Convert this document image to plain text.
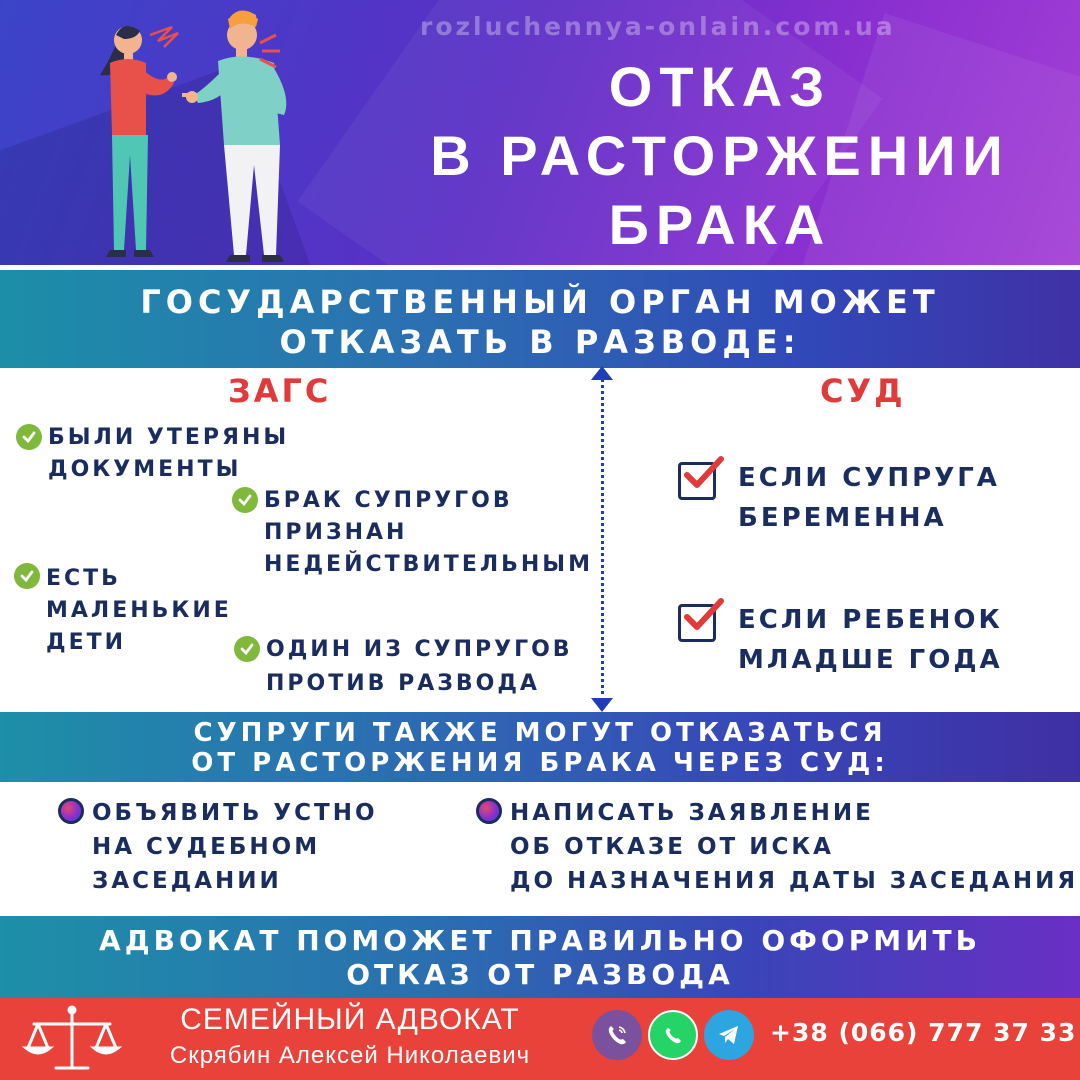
rozluchennya-onlain.com.ua
ОТКАЗ
В РАСТОРЖЕНИИ
БРАКА
ГОСУДАРСТВЕННЫЙ ОРГАН МОЖЕТ
ОТКАЗАТЬ В РАЗВОДЕ:
ЗАГС
БЫЛИ УТЕРЯНЫ
ДОКУМЕНТЫ
БРАК СУПРУГОВ
ПРИЗНАН
НЕДЕЙСТВИТЕЛЬНЫМ
ЕСТЬ
МАЛЕНЬКИЕ
ДЕТИ	ОДИН ИЗ СУПРУГОВ
ПРОТИВ РАЗВОДА
СУД
ЕСЛИ СУПРУГА
БЕРЕМЕННА
ЕСЛИ РЕБЕНОК
МЛАДШЕ ГОДА
СУПРУГИ ТАКЖЕ МОГУТ ОТКАЗАТЬСЯ
ОТ РАСТОРЖЕНИЯ БРАКА ЧЕРЕЗ СУД:
ОБЪЯВИТЬ УСТНО
НА СУДЕБНОМ
ЗАСЕДАНИИ
НАПИСАТЬ ЗАЯВЛЕНИЕ
ОБ ОТКАЗЕ ОТ ИСКА
ДО НАЗНАЧЕНИЯ ДАТЫ ЗАСЕДАНИЯ
АДВОКАТ ПОМОЖЕТ ПРАВИЛЬНО ОФОРМИТЬ
ОТКАЗ ОТ РАЗВОДА
СЕМЕЙНЫЙ АДВОКАТ
Скрябин Алексей Николаевич
+38 (066) 777 37 33
